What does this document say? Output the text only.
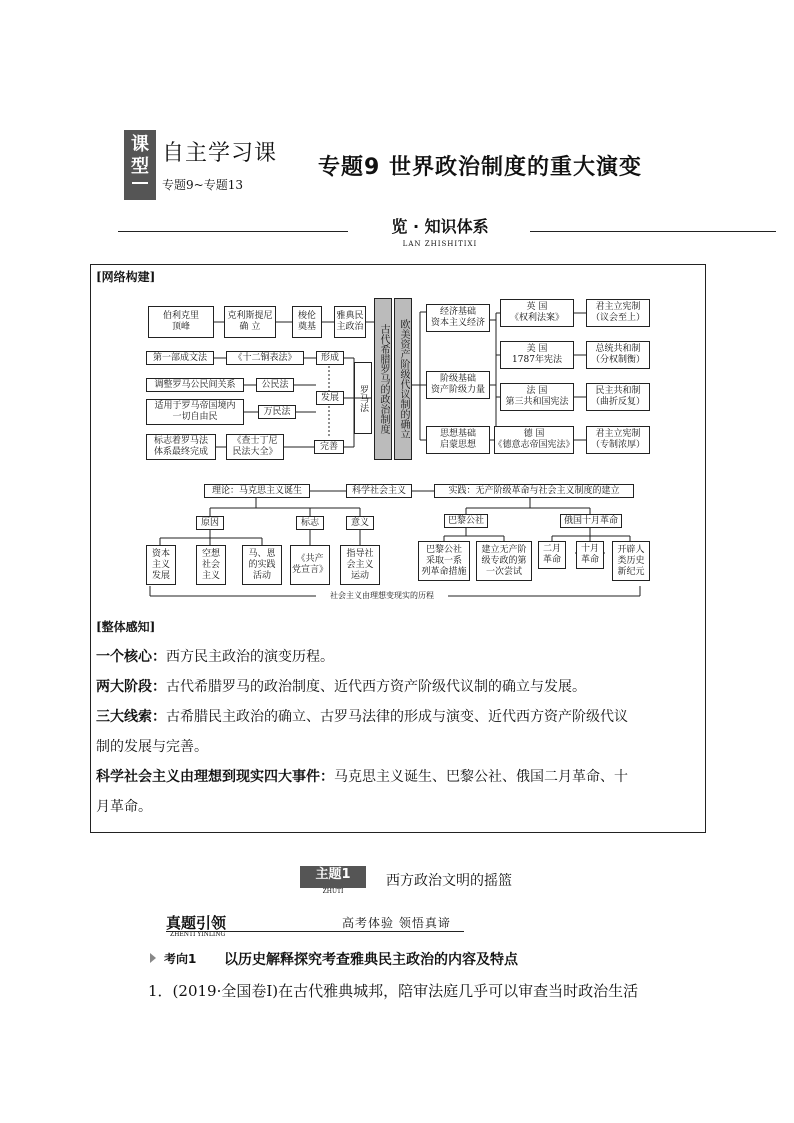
课
型
自主学习课
专题9~专题13
专题9 世界政治制度的重大演变
览 · 知识体系
LAN ZHISHITIXI
[网络构建]
伯利克里
顶峰
克利斯提尼
确 立
梭伦
奠基
雅典民
主政治
第一部成文法	《十二铜表法》	形成
调整罗马公民间关系	公民法
发展
适用于罗马帝国境内
一切自由民
万民法
标志着罗马法
体系最终完成
《查士丁尼
民法大全》
完善
罗马法	古代希腊罗马的政治制度 欧美资产阶级代议制的确立
经济基础
资本主义经济
阶级基础
资产阶级力量
思想基础
启蒙思想
英 国
《权利法案》
美 国
1787年宪法
法 国
第三共和国宪法
德 国
《德意志帝国宪法》
君主立宪制
（议会至上）
总统共和制
（分权制衡）
民主共和制
（曲折反复）
君主立宪制
（专制浓厚）
理论：马克思主义诞生	科学社会主义	实践：无产阶级革命与社会主义制度的建立
原因	标志	意义	巴黎公社	俄国十月革命
资本
主义
发展
空想
社会
主义
马、恩
的实践
活动
《共产
党宣言》
指导社
会主义
运动
巴黎公社
采取一系
列革命措施
建立无产阶
级专政的第
一次尝试
二月
革命
十月
革命
开辟人
类历史
新纪元
社会主义由理想变现实的历程
[整体感知]
一个核心：西方民主政治的演变历程。
两大阶段：古代希腊罗马的政治制度、近代西方资产阶级代议制的确立与发展。
三大线索：古希腊民主政治的确立、古罗马法律的形成与演变、近代西方资产阶级代议
制的发展与完善。
科学社会主义由理想到现实四大事件：马克思主义诞生、巴黎公社、俄国二月革命、十
月革命。
主题1
ZHUTI
西方政治文明的摇篮
真题引领
ZHENTI YINLING
高考体验 领悟真谛
考向1 以历史解释探究考查雅典民主政治的内容及特点
1．(2019·全国卷Ⅰ)在古代雅典城邦，陪审法庭几乎可以审查当时政治生活
